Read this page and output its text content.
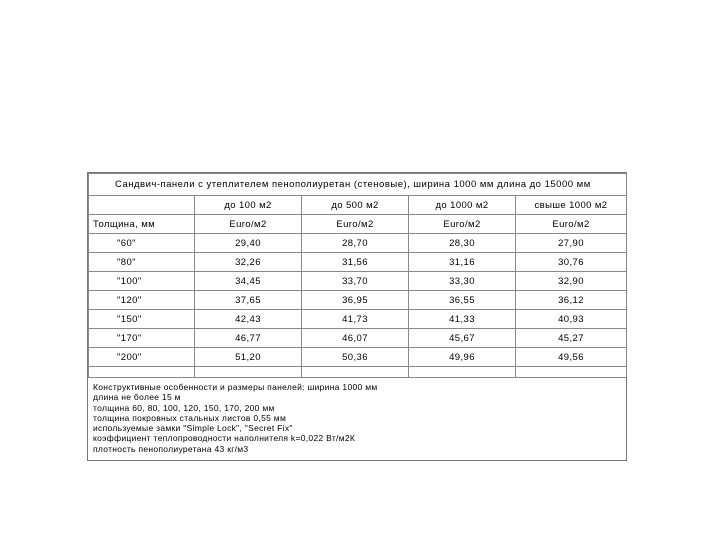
Сандвич-панели с утеплителем пенополиуретан (стеновые), ширина 1000 мм длина до 15000 мм				
	до 100 м2	до 500 м2	до 1000 м2	свыше 1000 м2
Толщина, мм	Euro/м2	Euro/м2	Euro/м2	Euro/м2
"60"	29,40	28,70	28,30	27,90
"80"	32,26	31,56	31,16	30,76
"100"	34,45	33,70	33,30	32,90
"120"	37,65	36,95	36,55	36,12
"150"	42,43	41,73	41,33	40,93
"170"	46,77	46,07	45,67	45,27
"200"	51,20	50,36	49,96	49,56

Конструктивные особенности и размеры панелей: ширина 1000 мм
длина не более 15 м
толщина 60, 80, 100, 120, 150, 170, 200 мм
толщина покровных стальных листов 0,55 мм
используемые замки "Simple Lock", "Secret Fix"
коэффициент теплопроводности наполнителя k=0,022 Вт/м2К
плотность пенополиуретана 43 кг/м3
